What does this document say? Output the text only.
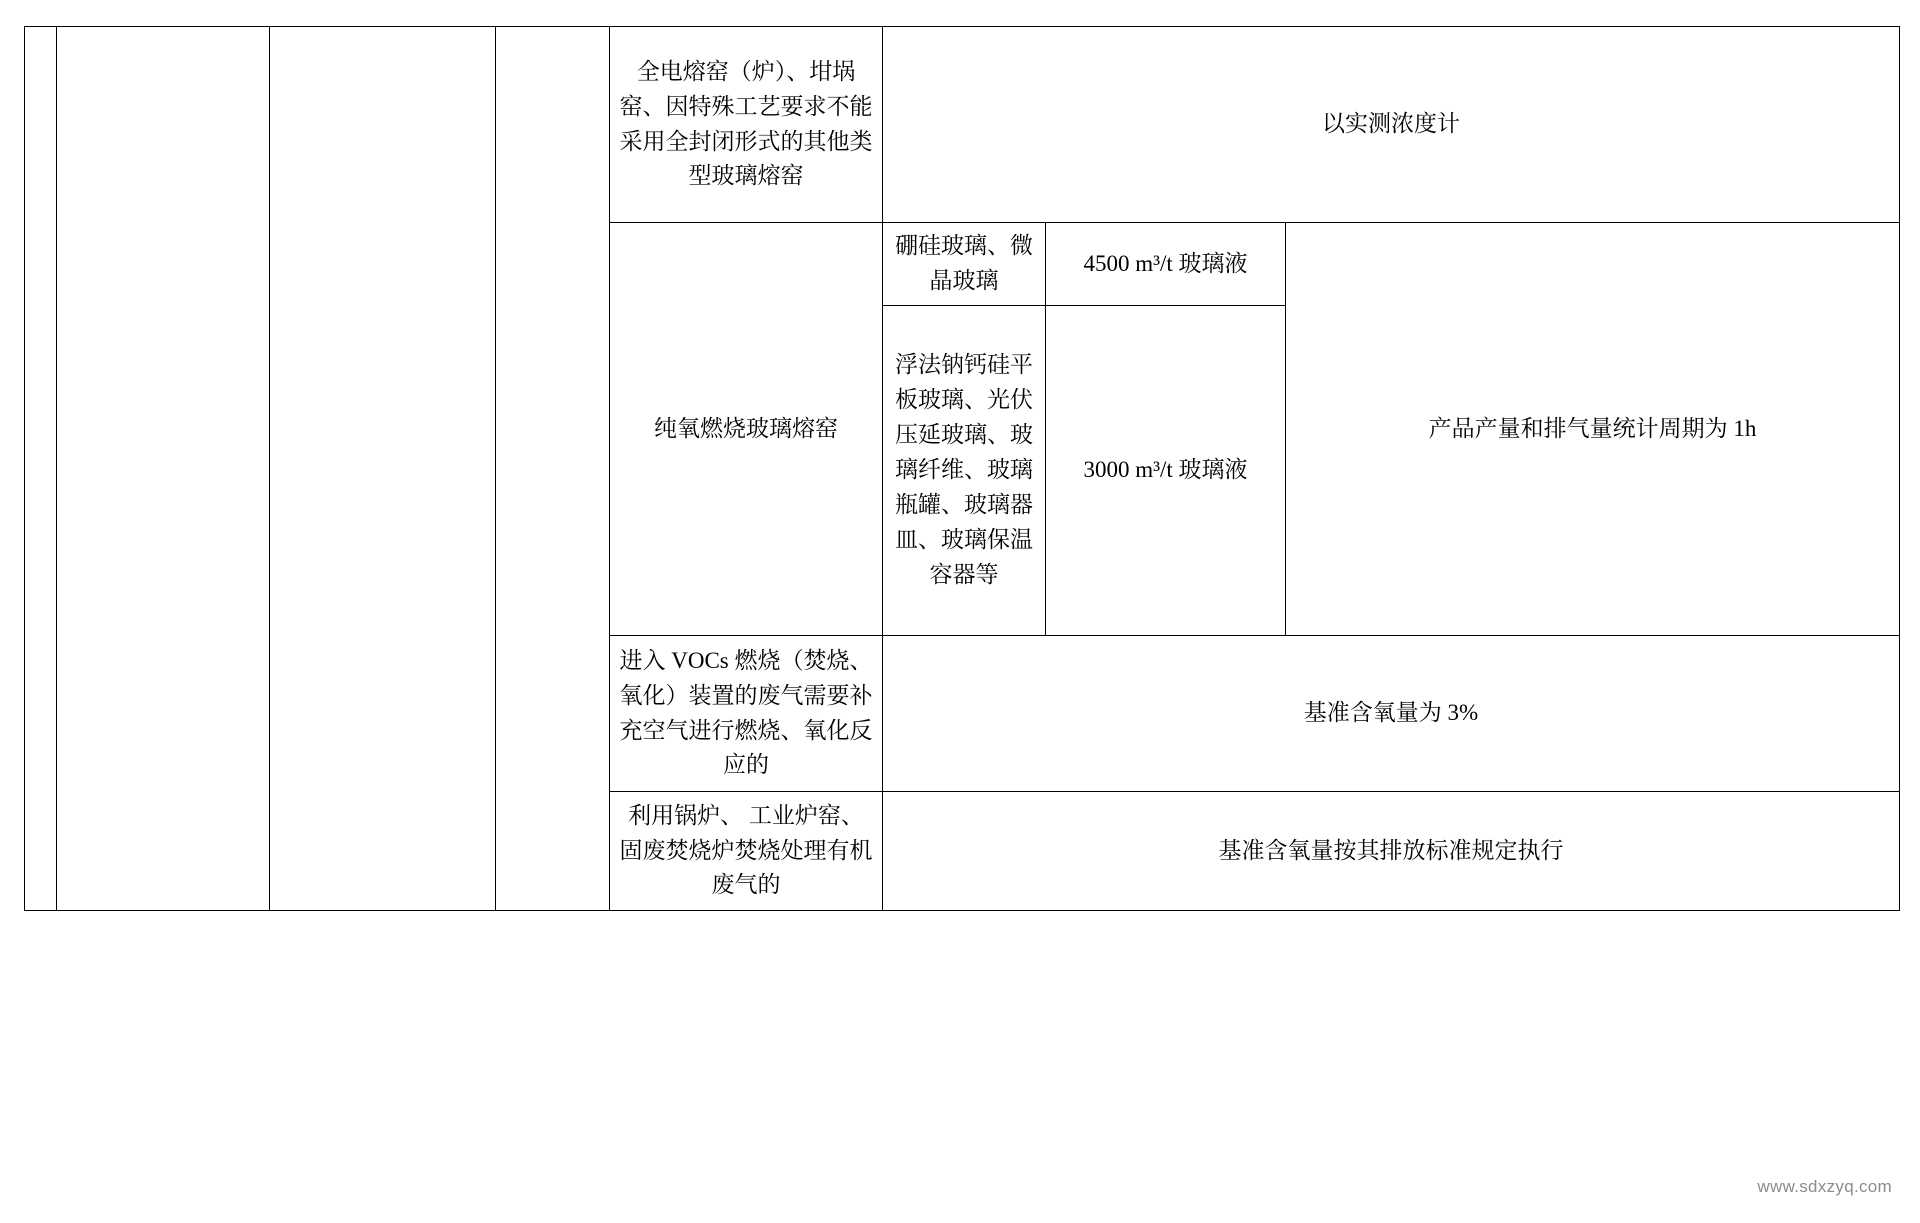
				全电熔窑（炉）、坩埚窑、因特殊工艺要求不能采用全封闭形式的其他类型玻璃熔窑	以实测浓度计		
				纯氧燃烧玻璃熔窑	硼硅玻璃、微晶玻璃	4500 m³/t 玻璃液	产品产量和排气量统计周期为 1h
					浮法钠钙硅平板玻璃、光伏压延玻璃、玻璃纤维、玻璃瓶罐、玻璃器皿、玻璃保温容器等	3000 m³/t 玻璃液	
				进入 VOCs 燃烧（焚烧、氧化）装置的废气需要补充空气进行燃烧、氧化反应的	基准含氧量为 3%		
				利用锅炉、 工业炉窑、固废焚烧炉焚烧处理有机废气的	基准含氧量按其排放标准规定执行		
www.sdxzyq.com
